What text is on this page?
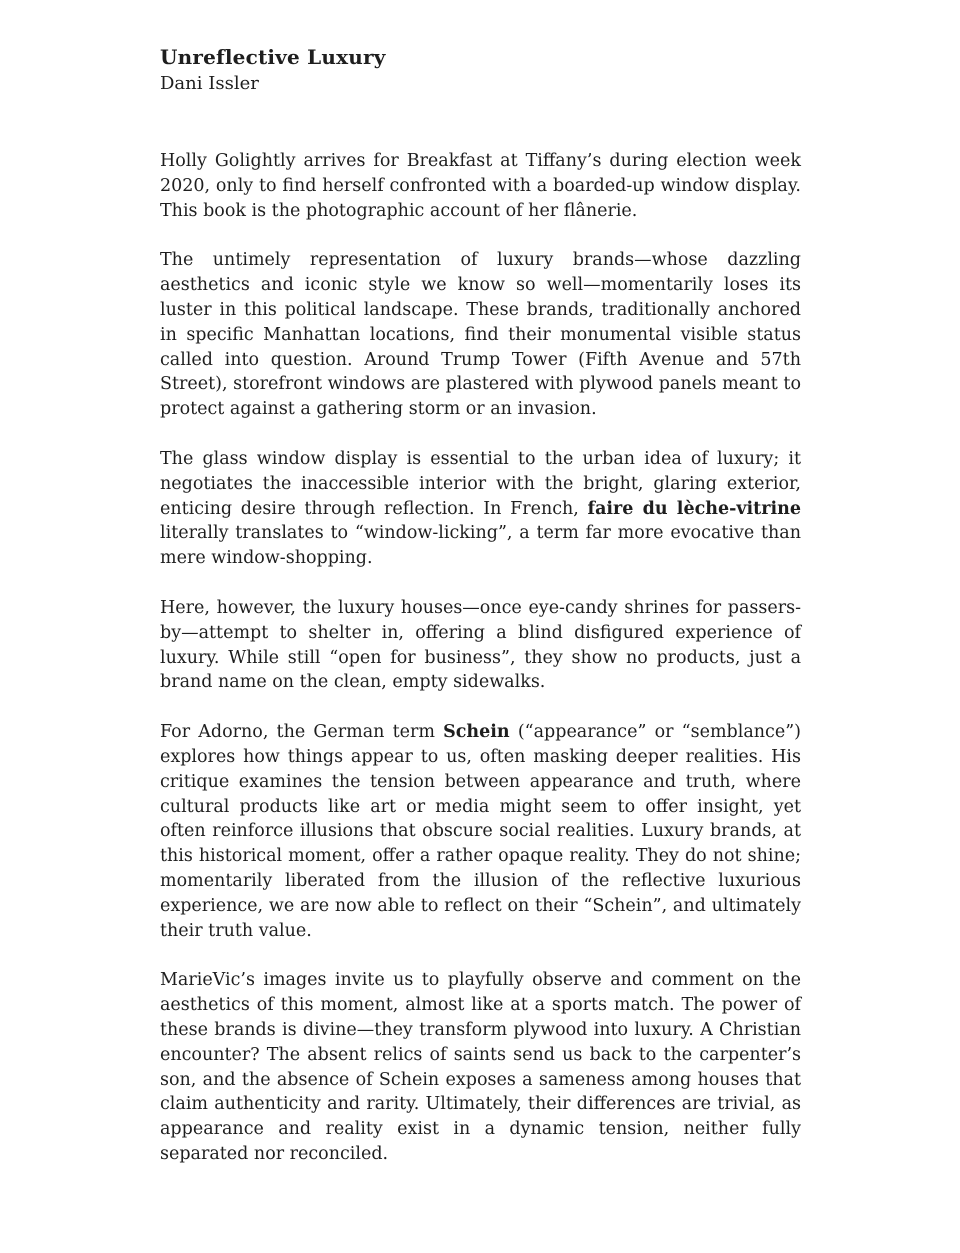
Unreflective Luxury
Dani Issler

Holly Golightly arrives for Breakfast at Tiffany’s during election week 2020, only to find herself confronted with a boarded-up window display. This book is the photographic account of her flânerie.

The untimely representation of luxury brands—whose dazzling aesthetics and iconic style we know so well—momentarily loses its luster in this political landscape. These brands, traditionally anchored in specific Manhattan locations, find their monumental visible status called into question. Around Trump Tower (Fifth Avenue and 57th Street), storefront windows are plastered with plywood panels meant to protect against a gathering storm or an invasion.

The glass window display is essential to the urban idea of luxury; it negotiates the inaccessible interior with the bright, glaring exterior, enticing desire through reflection. In French, faire du lèche-vitrine literally translates to “window-licking”, a term far more evocative than mere window-shopping.

Here, however, the luxury houses—once eye-candy shrines for passers-by—attempt to shelter in, offering a blind disfigured experience of luxury. While still “open for business”, they show no products, just a brand name on the clean, empty sidewalks.

For Adorno, the German term Schein (“appearance” or “semblance”) explores how things appear to us, often masking deeper realities. His critique examines the tension between appearance and truth, where cultural products like art or media might seem to offer insight, yet often reinforce illusions that obscure social realities. Luxury brands, at this historical moment, offer a rather opaque reality. They do not shine; momentarily liberated from the illusion of the reflective luxurious experience, we are now able to reflect on their “Schein”, and ultimately their truth value.

MarieVic’s images invite us to playfully observe and comment on the aesthetics of this moment, almost like at a sports match. The power of these brands is divine—they transform plywood into luxury. A Christian encounter? The absent relics of saints send us back to the carpenter’s son, and the absence of Schein exposes a sameness among houses that claim authenticity and rarity. Ultimately, their differences are trivial, as appearance and reality exist in a dynamic tension, neither fully separated nor reconciled.
